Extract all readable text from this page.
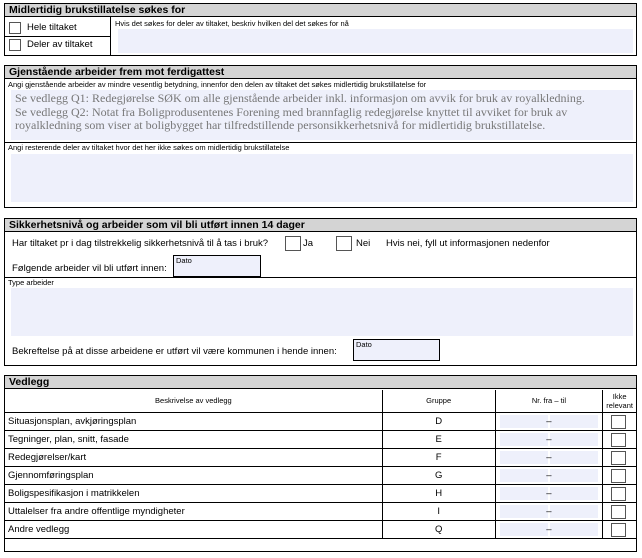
Midlertidig brukstillatelse søkes for
Hele tiltaket
Deler av tiltaket
Hvis det søkes for deler av tiltaket, beskriv hvilken del det søkes for nå
Gjenstående arbeider frem mot ferdigattest
Angi gjenstående arbeider av mindre vesentlig betydning, innenfor den delen av tiltaket det søkes midlertidig brukstillatelse for
Se vedlegg Q1: Redegjørelse SØK om alle gjenstående arbeider inkl. informasjon om avvik for bruk av royalkledning.
Se vedlegg Q2: Notat fra Boligprodusentenes Forening med brannfaglig redegjørelse knyttet til avviket for bruk av royalkledning som viser at boligbygget har tilfredstillende personsikkerhetsnivå for midlertidig brukstillatelse.
Angi resterende deler av tiltaket hvor det her ikke søkes om midlertidig brukstillatelse
Sikkerhetsnivå og arbeider som vil bli utført innen 14 dager
Har tiltaket pr i dag tilstrekkelig sikkerhetsnivå til å tas i bruk?	Ja	Nei Hvis nei, fyll ut informasjonen nedenfor
Følgende arbeider vil bli utført innen:
Dato
Type arbeider
Bekreftelse på at disse arbeidene er utført vil være kommunen i hende innen:
Dato
Vedlegg
Beskrivelse av vedlegg	Gruppe	Nr. fra – til	Ikke relevant
Situasjonsplan, avkjøringsplan	D	–	

Tegninger, plan, snitt, fasade	E	–	

Redegjørelser/kart	F	–	

Gjennomføringsplan	G	–	

Boligspesifikasjon i matrikkelen	H	–	

Uttalelser fra andre offentlige myndigheter	I	–	

Andre vedlegg	Q	–	
